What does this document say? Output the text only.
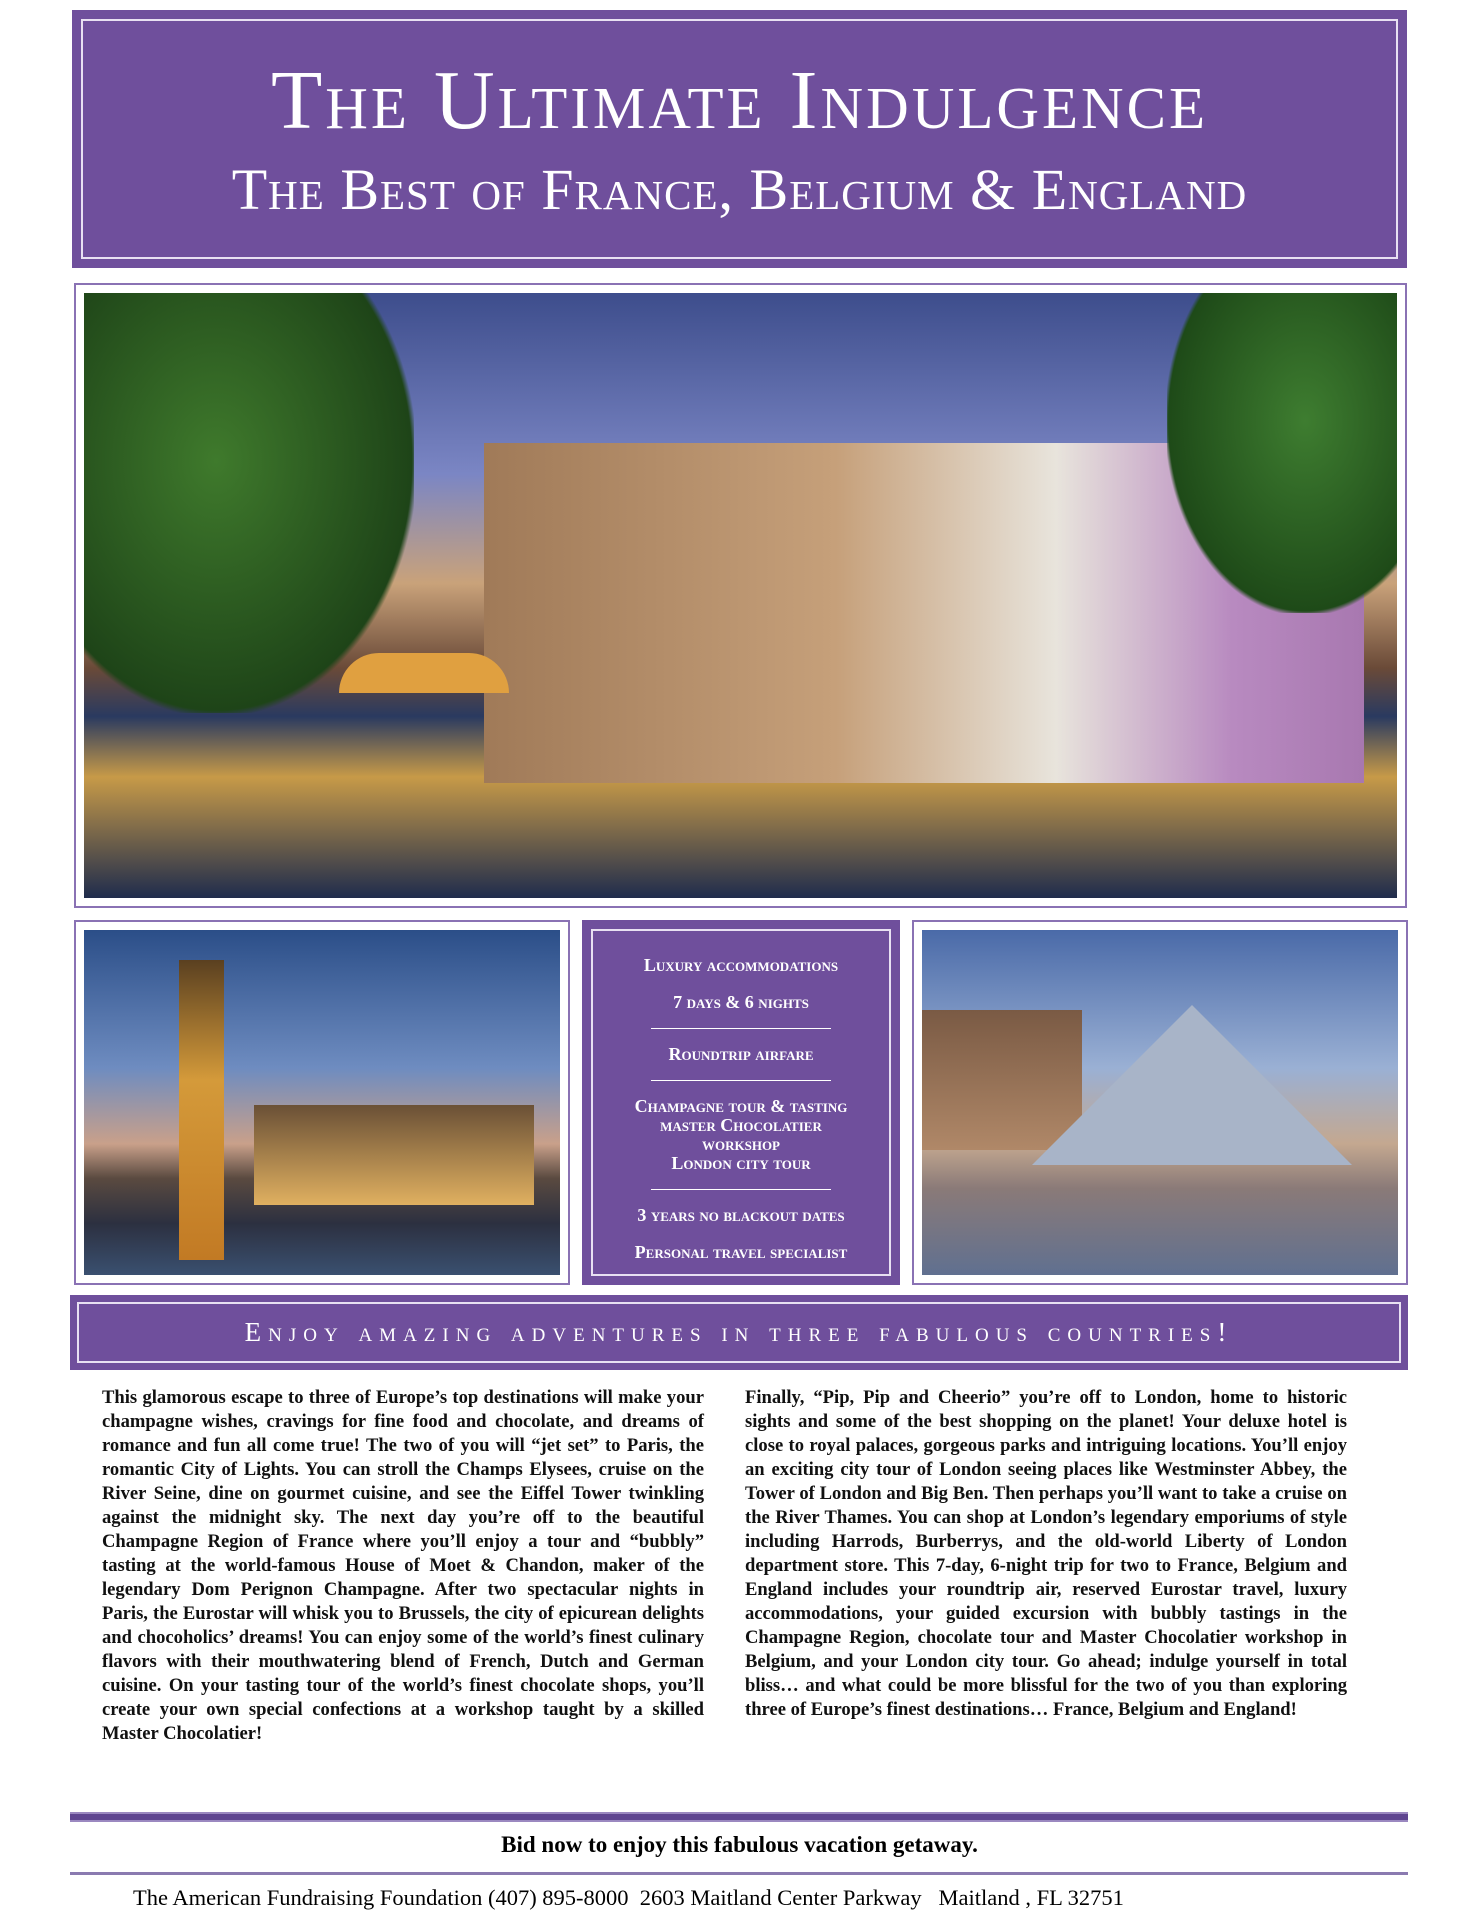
The Ultimate Indulgence
The Best of France, Belgium & England
Luxury accommodations
7 days & 6 nights
Roundtrip airfare
Champagne tour & tasting
master Chocolatier
workshop
London city tour
3 years no blackout dates
Personal travel specialist
Enjoy amazing adventures in three fabulous countries!
This glamorous escape to three of Europe’s top destinations will make your champagne wishes, cravings for fine food and chocolate, and dreams of romance and fun all come true! The two of you will “jet set” to Paris, the romantic City of Lights. You can stroll the Champs Elysees, cruise on the River Seine, dine on gourmet cuisine, and see the Eiffel Tower twinkling against the midnight sky. The next day you’re off to the beautiful Champagne Region of France where you’ll enjoy a tour and “bubbly” tasting at the world-famous House of Moet & Chandon, maker of the legendary Dom Perignon Champagne. After two spectacular nights in Paris, the Eurostar will whisk you to Brussels, the city of epicurean delights and chocoholics’ dreams! You can enjoy some of the world’s finest culinary flavors with their mouthwatering blend of French, Dutch and German cuisine. On your tasting tour of the world’s finest chocolate shops, you’ll create your own special confections at a workshop taught by a skilled Master Chocolatier!
Finally, “Pip, Pip and Cheerio” you’re off to London, home to historic sights and some of the best shopping on the planet! Your deluxe hotel is close to royal palaces, gorgeous parks and intriguing locations. You’ll enjoy an exciting city tour of London seeing places like Westminster Abbey, the Tower of London and Big Ben. Then perhaps you’ll want to take a cruise on the River Thames. You can shop at London’s legendary emporiums of style including Harrods, Burberrys, and the old-world Liberty of London department store. This 7-day, 6-night trip for two to France, Belgium and England includes your roundtrip air, reserved Eurostar travel, luxury accommodations, your guided excursion with bubbly tastings in the Champagne Region, chocolate tour and Master Chocolatier workshop in Belgium, and your London city tour. Go ahead; indulge yourself in total bliss… and what could be more blissful for the two of you than exploring three of Europe’s finest destinations… France, Belgium and England!
Bid now to enjoy this fabulous vacation getaway.
The American Fundraising Foundation (407) 895-8000  2603 Maitland Center Parkway   Maitland , FL 32751
